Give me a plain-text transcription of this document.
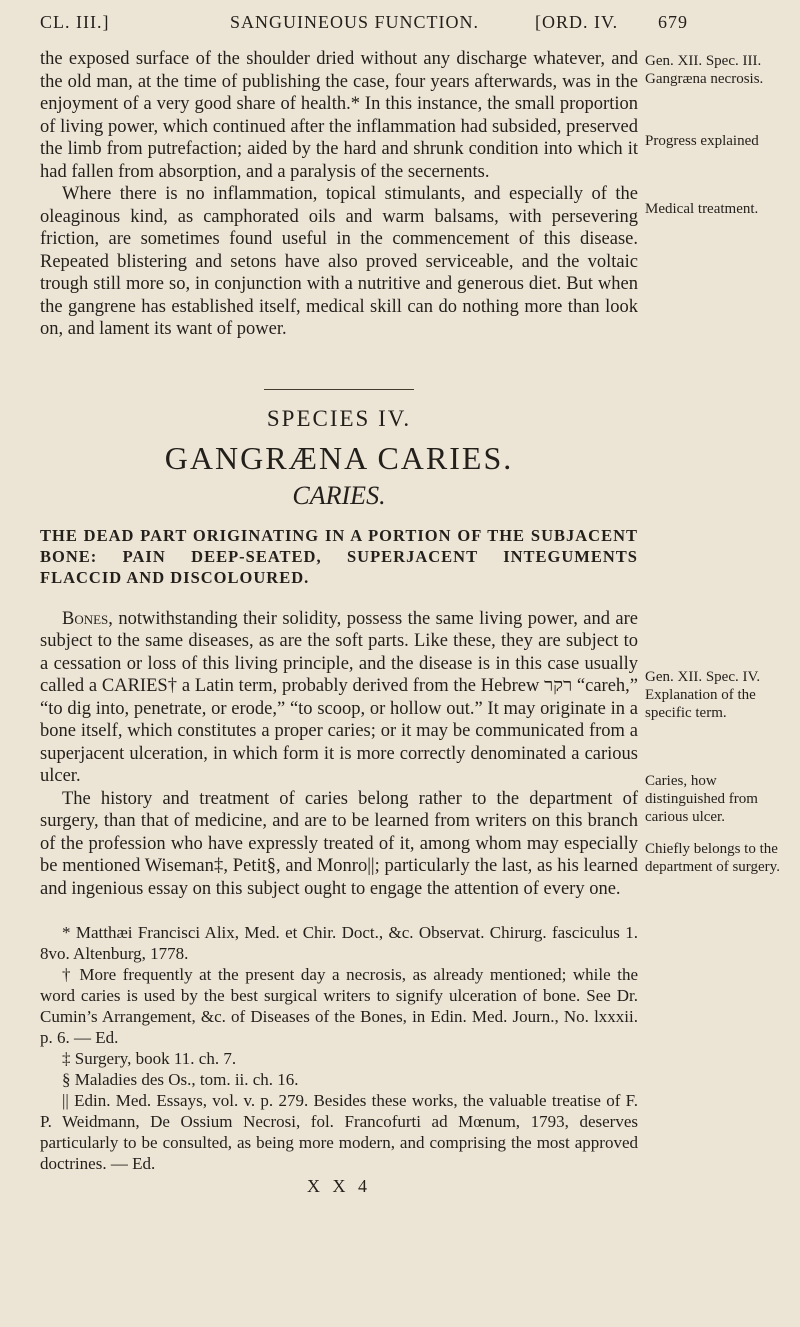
CL. III.]	SANGUINEOUS FUNCTION.	[ORD. IV. 679

the exposed surface of the shoulder dried without any discharge whatever, and the old man, at the time of publishing the case, four years afterwards, was in the enjoyment of a very good share of health.* In this instance, the small proportion of living power, which continued after the inflammation had subsided, preserved the limb from putrefaction; aided by the hard and shrunk condition into which it had fallen from absorption, and a paralysis of the secernents.

Where there is no inflammation, topical stimulants, and especially of the oleaginous kind, as camphorated oils and warm balsams, with persevering friction, are sometimes found useful in the commencement of this disease. Repeated blistering and setons have also proved serviceable, and the voltaic trough still more so, in conjunction with a nutritive and generous diet. But when the gangrene has established itself, medical skill can do nothing more than look on, and lament its want of power.

SPECIES IV.
GANGRÆNA CARIES.
CARIES.

THE DEAD PART ORIGINATING IN A PORTION OF THE SUBJACENT BONE: PAIN DEEP-SEATED, SUPERJACENT INTEGUMENTS FLACCID AND DISCOLOURED.

Bones, notwithstanding their solidity, possess the same living power, and are subject to the same diseases, as are the soft parts. Like these, they are subject to a cessation or loss of this living principle, and the disease is in this case usually called a CARIES† a Latin term, probably derived from the Hebrew רקר “careh,” “to dig into, penetrate, or erode,” “to scoop, or hollow out.” It may originate in a bone itself, which constitutes a proper caries; or it may be communicated from a superjacent ulceration, in which form it is more correctly denominated a carious ulcer.

The history and treatment of caries belong rather to the department of surgery, than that of medicine, and are to be learned from writers on this branch of the profession who have expressly treated of it, among whom may especially be mentioned Wiseman‡, Petit§, and Monro||; particularly the last, as his learned and ingenious essay on this subject ought to engage the attention of every one.

* Matthæi Francisci Alix, Med. et Chir. Doct., &c. Observat. Chirurg. fasciculus 1. 8vo. Altenburg, 1778.

† More frequently at the present day a necrosis, as already mentioned; while the word caries is used by the best surgical writers to signify ulceration of bone. See Dr. Cumin’s Arrangement, &c. of Diseases of the Bones, in Edin. Med. Journ., No. lxxxii. p. 6. — Ed.

‡ Surgery, book 11. ch. 7.

§ Maladies des Os., tom. ii. ch. 16.

|| Edin. Med. Essays, vol. v. p. 279. Besides these works, the valuable treatise of F. P. Weidmann, De Ossium Necrosi, fol. Francofurti ad Mœnum, 1793, deserves particularly to be consulted, as being more modern, and comprising the most approved doctrines. — Ed.

X X 4
Gen. XII. Spec. III. Gangræna necrosis.
Progress explained
Medical treatment.
Gen. XII. Spec. IV. Explanation of the specific term.
Caries, how distinguished from carious ulcer.
Chiefly belongs to the department of surgery.
